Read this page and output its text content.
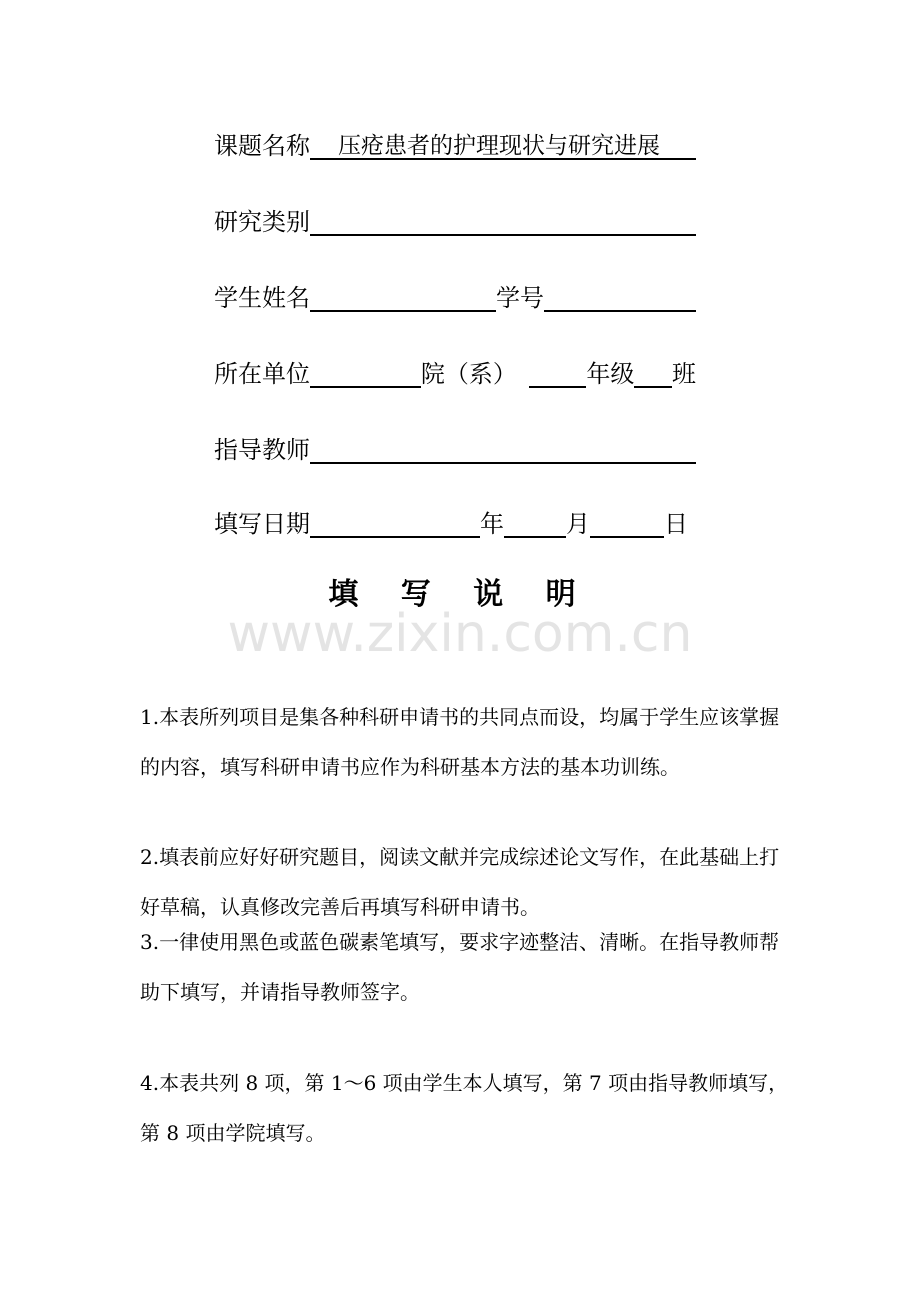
课题名称	压疮患者的护理现状与研究进展
研究类别
学生姓名	学号
所在单位	院（系）	年级 班
指导教师
填写日期	年	月	日
填 写 说 明
www.zixin.com.cn

1.本表所列项目是集各种科研申请书的共同点而设，均属于学生应该掌握的内容，填写科研申请书应作为科研基本方法的基本功训练。

2.填表前应好好研究题目，阅读文献并完成综述论文写作，在此基础上打好草稿，认真修改完善后再填写科研申请书。

3.一律使用黑色或蓝色碳素笔填写，要求字迹整洁、清晰。在指导教师帮助下填写，并请指导教师签字。

4.本表共列 8 项，第 1～6 项由学生本人填写，第 7 项由指导教师填写，第 8 项由学院填写。
